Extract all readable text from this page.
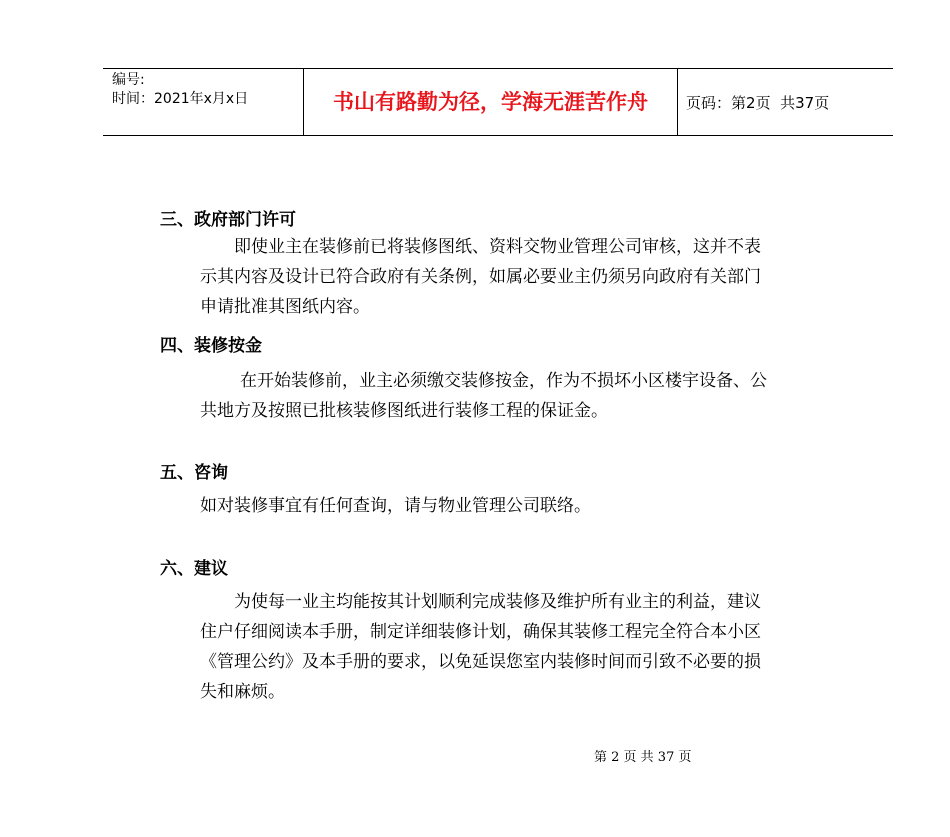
编号:
时间：2021年x月x日	书山有路勤为径，学海无涯苦作舟	页码：第2页  共37页
三、政府部门许可
即使业主在装修前已将装修图纸、资料交物业管理公司审核，这并不表
示其内容及设计已符合政府有关条例，如属必要业主仍须另向政府有关部门
申请批准其图纸内容。
四、装修按金
在开始装修前，业主必须缴交装修按金，作为不损坏小区楼宇设备、公
共地方及按照已批核装修图纸进行装修工程的保证金。
五、咨询
如对装修事宜有任何查询，请与物业管理公司联络。
六、建议
为使每一业主均能按其计划顺利完成装修及维护所有业主的利益，建议
住户仔细阅读本手册，制定详细装修计划，确保其装修工程完全符合本小区
《管理公约》及本手册的要求，以免延误您室内装修时间而引致不必要的损
失和麻烦。
第 2 页 共 37 页
